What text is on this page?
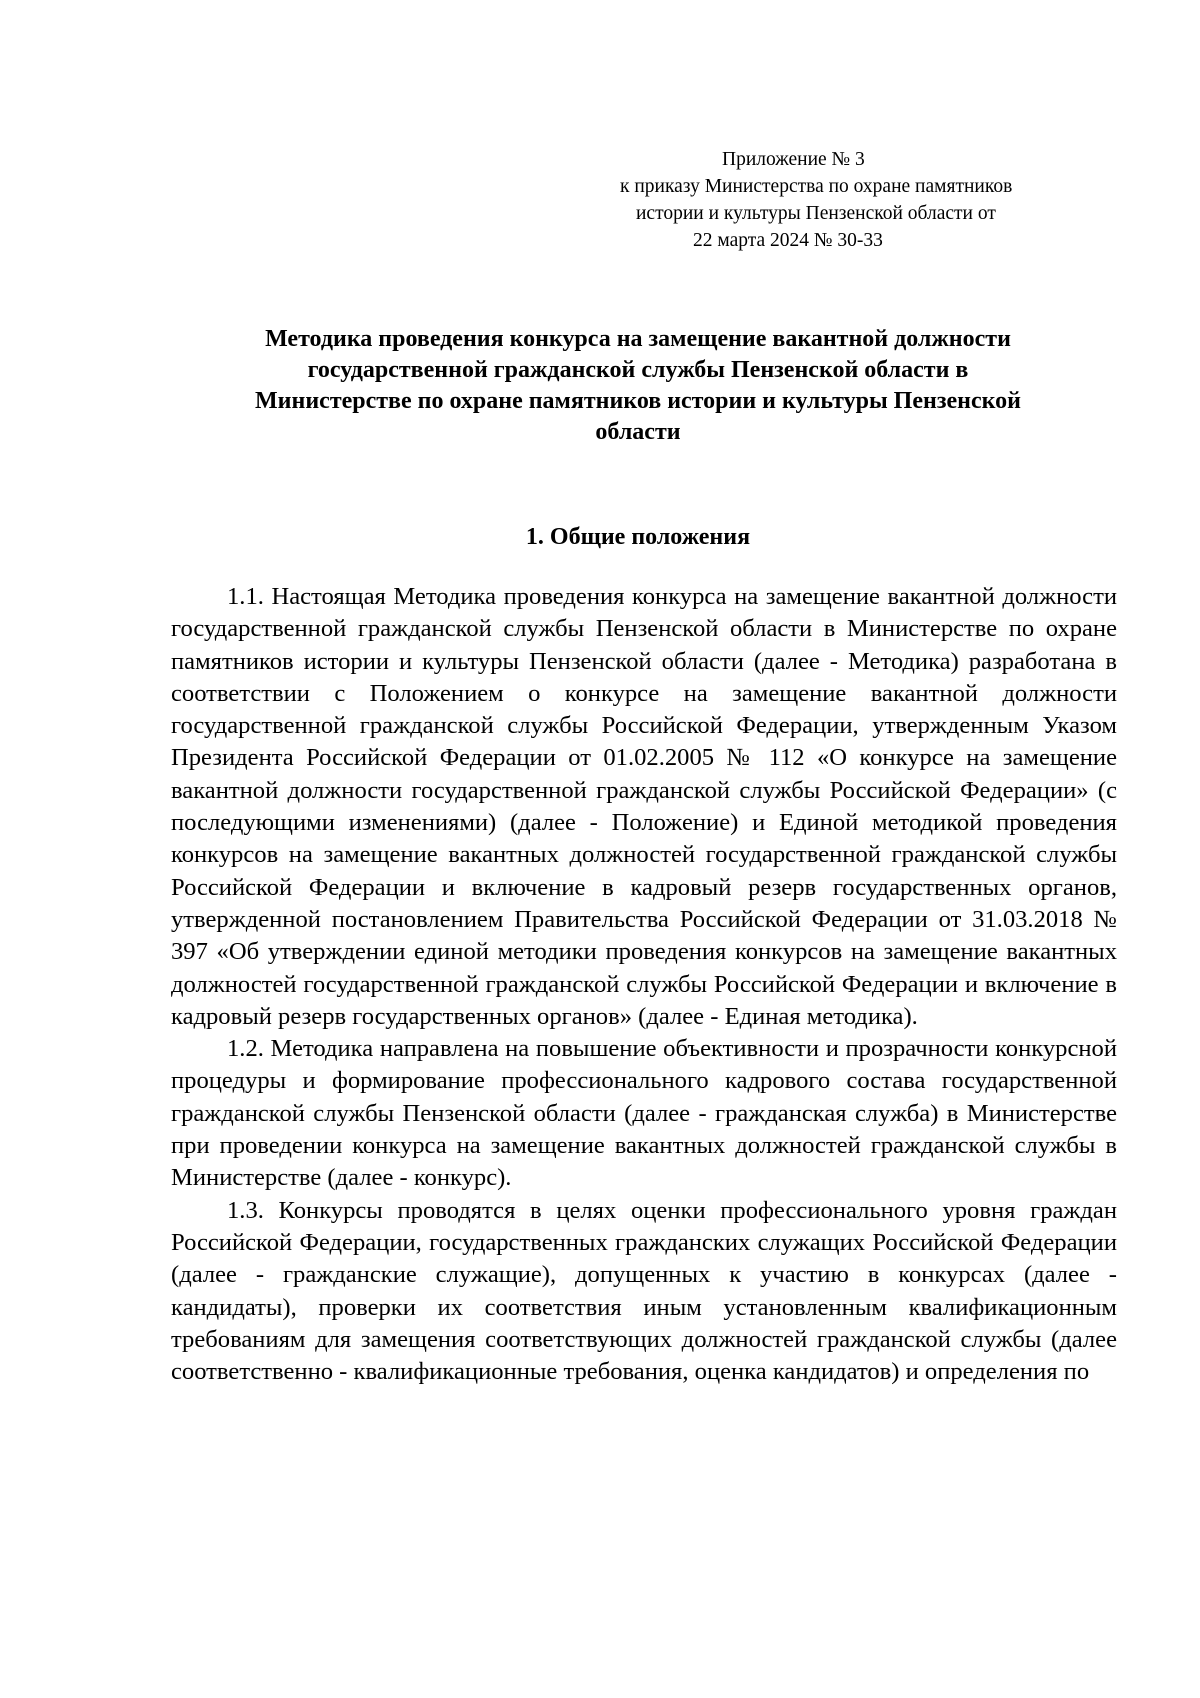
Приложение № 3
к приказу Министерства по охране памятников
истории и культуры Пензенской области от
22 марта 2024 № 30-33
Методика проведения конкурса на замещение вакантной должности
государственной гражданской службы Пензенской области в
Министерстве по охране памятников истории и культуры Пензенской
области
1. Общие положения

1.1. Настоящая Методика проведения конкурса на замещение вакантной должности государственной гражданской службы Пензенской области в Министерстве по охране памятников истории и культуры Пензенской области (далее - Методика) разработана в соответствии с Положением о конкурсе на замещение вакантной должности государственной гражданской службы Российской Федерации, утвержденным Указом Президента Российской Федерации от 01.02.2005 № 112 «О конкурсе на замещение вакантной должности государственной гражданской службы Российской Федерации» (с последующими изменениями) (далее - Положение) и Единой методикой проведения конкурсов на замещение вакантных должностей государственной гражданской службы Российской Федерации и включение в кадровый резерв государственных органов, утвержденной постановлением Правительства Российской Федерации от 31.03.2018 № 397 «Об утверждении единой методики проведения конкурсов на замещение вакантных должностей государственной гражданской службы Российской Федерации и включение в кадровый резерв государственных органов» (далее - Единая методика).

1.2. Методика направлена на повышение объективности и прозрачности конкурсной процедуры и формирование профессионального кадрового состава государственной гражданской службы Пензенской области (далее - гражданская служба) в Министерстве при проведении конкурса на замещение вакантных должностей гражданской службы в Министерстве (далее - конкурс).

1.3. Конкурсы проводятся в целях оценки профессионального уровня граждан Российской Федерации, государственных гражданских служащих Российской Федерации (далее - гражданские служащие), допущенных к участию в конкурсах (далее - кандидаты), проверки их соответствия иным установленным квалификационным требованиям для замещения соответствующих должностей гражданской службы (далее соответственно - квалификационные требования, оценка кандидатов) и определения по
